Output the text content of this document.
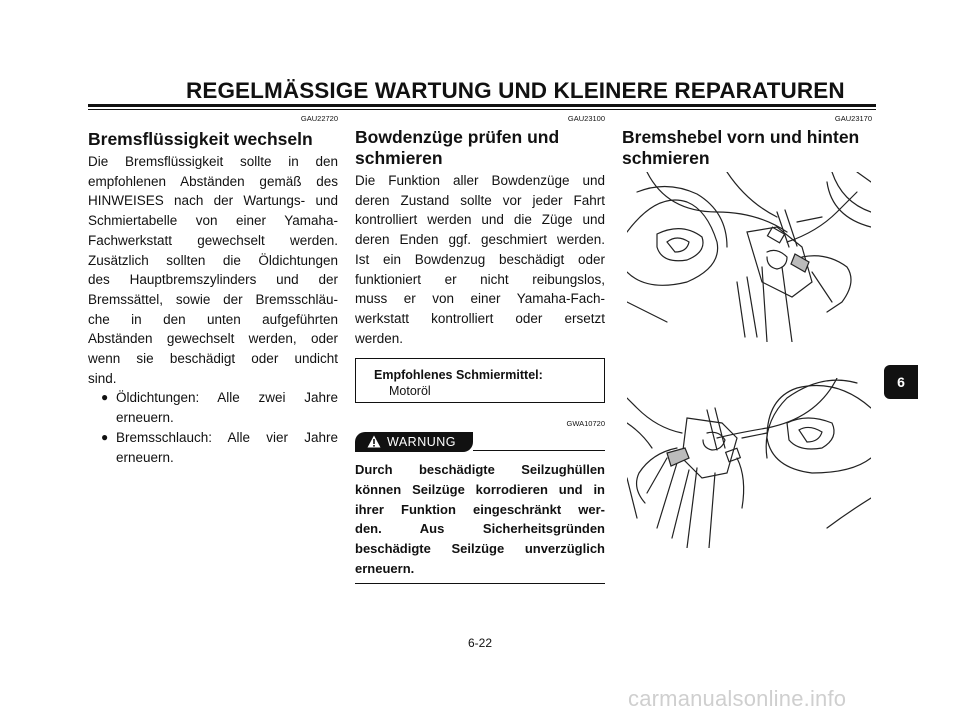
REGELMÄSSIGE WARTUNG UND KLEINERE REPARATUREN
GAU22720
Bremsflüssigkeit wechseln
Die Bremsflüssigkeit sollte in den
empfohlenen Abständen gemäß des
HINWEISES nach der Wartungs- und
Schmiertabelle von einer Yamaha-
Fachwerkstatt gewechselt werden.
Zusätzlich sollten die Öldichtungen
des Hauptbremszylinders und der
Bremssättel, sowie der Bremsschläu-
che in den unten aufgeführten
Abständen gewechselt werden, oder
wenn sie beschädigt oder undicht
sind.
● Öldichtungen: Alle zwei Jahre
erneuern.
● Bremsschlauch: Alle vier Jahre
erneuern.
GAU23100
Bowdenzüge prüfen und
schmieren
Die Funktion aller Bowdenzüge und
deren Zustand sollte vor jeder Fahrt
kontrolliert werden und die Züge und
deren Enden ggf. geschmiert werden.
Ist ein Bowdenzug beschädigt oder
funktioniert er nicht reibungslos,
muss er von einer Yamaha-Fach-
werkstatt kontrolliert oder ersetzt
werden.
Empfohlenes Schmiermittel:
Motoröl
GWA10720
WARNUNG
Durch beschädigte Seilzughüllen
können Seilzüge korrodieren und in
ihrer Funktion eingeschränkt wer-
den. Aus Sicherheitsgründen
beschädigte Seilzüge unverzüglich
erneuern.
GAU23170
Bremshebel vorn und hinten
schmieren
6
6-22
carmanualsonline.info
